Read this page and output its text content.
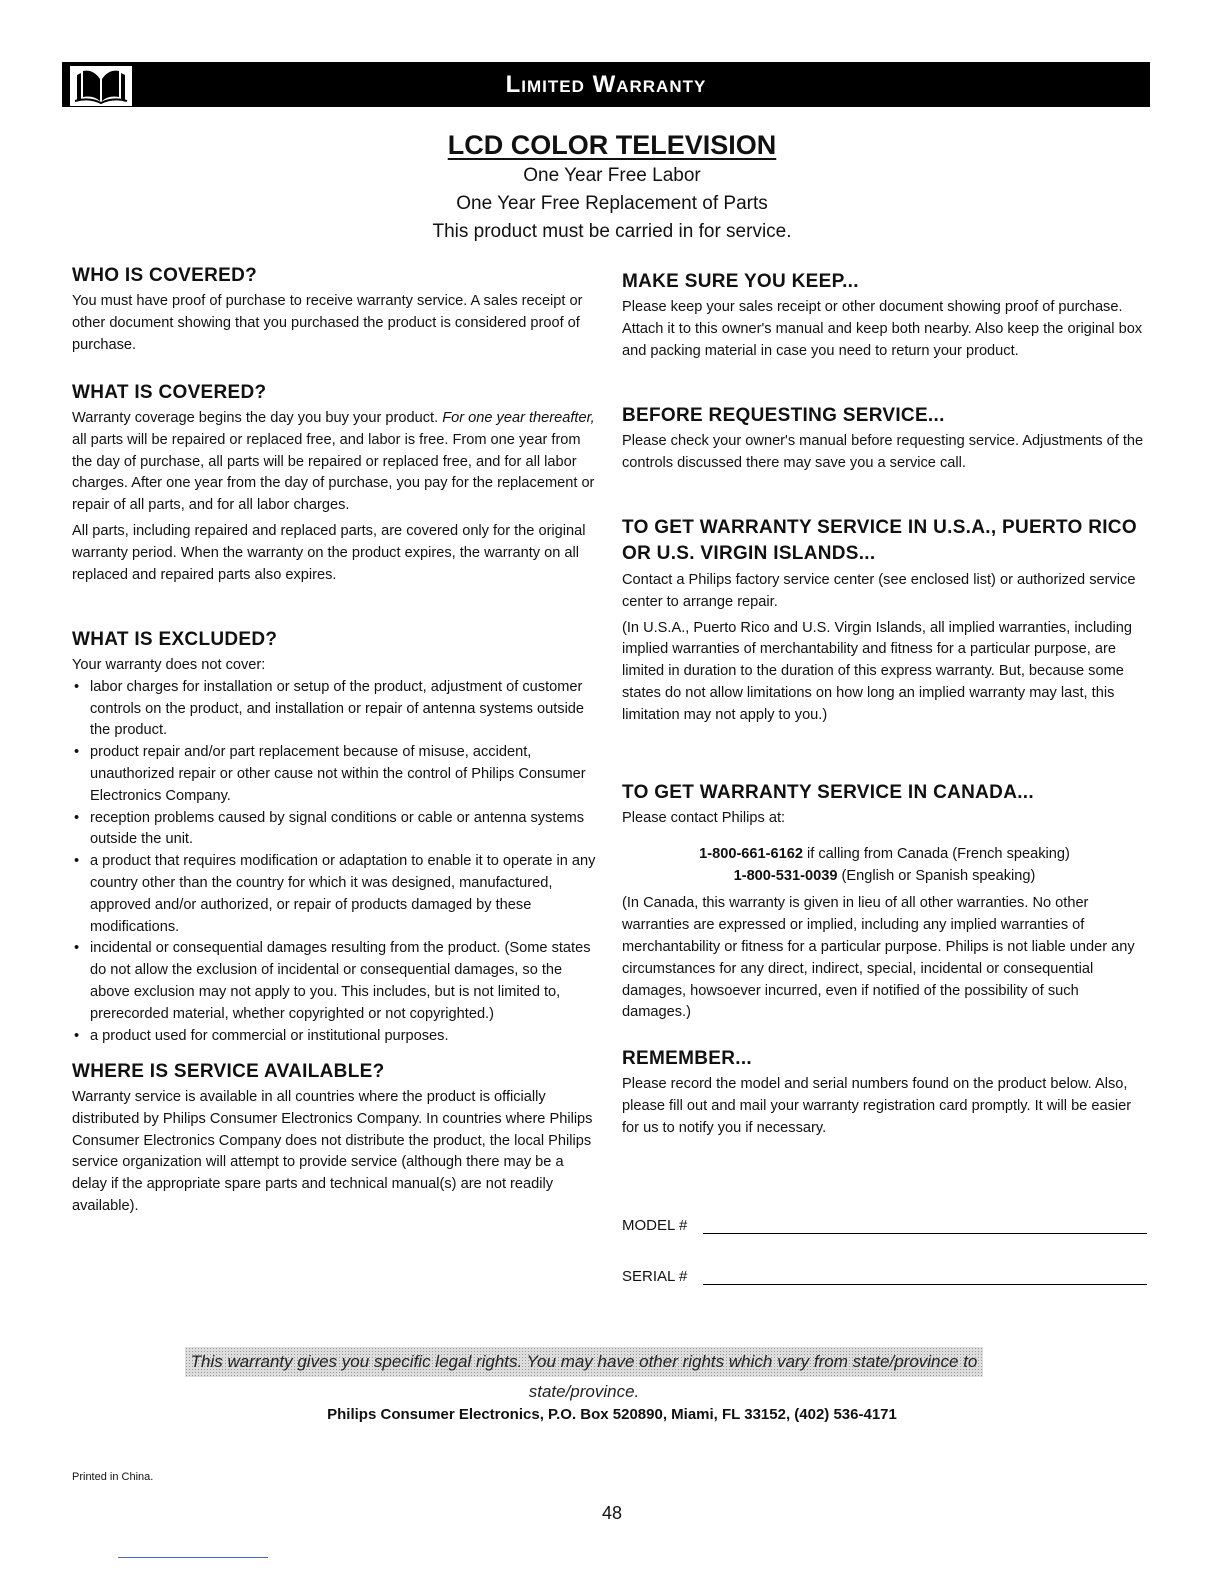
Limited Warranty
LCD COLOR TELEVISION
One Year Free Labor
One Year Free Replacement of Parts
This product must be carried in for service.
WHO IS COVERED?

You must have proof of purchase to receive warranty service. A sales receipt or other document showing that you purchased the product is considered proof of purchase.

WHAT IS COVERED?

Warranty coverage begins the day you buy your product. For one year thereafter, all parts will be repaired or replaced free, and labor is free. From one year from the day of purchase, all parts will be repaired or replaced free, and for all labor charges. After one year from the day of purchase, you pay for the replacement or repair of all parts, and for all labor charges.

All parts, including repaired and replaced parts, are covered only for the original warranty period. When the warranty on the product expires, the warranty on all replaced and repaired parts also expires.

WHAT IS EXCLUDED?

Your warranty does not cover:

• labor charges for installation or setup of the product, adjustment of customer controls on the product, and installation or repair of antenna systems outside the product.
• product repair and/or part replacement because of misuse, accident, unauthorized repair or other cause not within the control of Philips Consumer Electronics Company.
• reception problems caused by signal conditions or cable or antenna systems outside the unit.
• a product that requires modification or adaptation to enable it to operate in any country other than the country for which it was designed, manufactured, approved and/or authorized, or repair of products damaged by these modifications.
• incidental or consequential damages resulting from the product. (Some states do not allow the exclusion of incidental or consequential damages, so the above exclusion may not apply to you. This includes, but is not limited to, prerecorded material, whether copyrighted or not copyrighted.)
• a product used for commercial or institutional purposes.
WHERE IS SERVICE AVAILABLE?

Warranty service is available in all countries where the product is officially distributed by Philips Consumer Electronics Company. In countries where Philips Consumer Electronics Company does not distribute the product, the local Philips service organization will attempt to provide service (although there may be a delay if the appropriate spare parts and technical manual(s) are not readily available).

MAKE SURE YOU KEEP...

Please keep your sales receipt or other document showing proof of purchase. Attach it to this owner's manual and keep both nearby. Also keep the original box and packing material in case you need to return your product.

BEFORE REQUESTING SERVICE...

Please check your owner's manual before requesting service. Adjustments of the controls discussed there may save you a service call.

TO GET WARRANTY SERVICE IN U.S.A., PUERTO RICO OR U.S. VIRGIN ISLANDS...

Contact a Philips factory service center (see enclosed list) or authorized service center to arrange repair.

(In U.S.A., Puerto Rico and U.S. Virgin Islands, all implied warranties, including implied warranties of merchantability and fitness for a particular purpose, are limited in duration to the duration of this express warranty. But, because some states do not allow limitations on how long an implied warranty may last, this limitation may not apply to you.)

TO GET WARRANTY SERVICE IN CANADA...

Please contact Philips at:

1-800-661-6162 if calling from Canada (French speaking)
1-800-531-0039 (English or Spanish speaking)

(In Canada, this warranty is given in lieu of all other warranties. No other warranties are expressed or implied, including any implied warranties of merchantability or fitness for a particular purpose. Philips is not liable under any circumstances for any direct, indirect, special, incidental or consequential damages, howsoever incurred, even if notified of the possibility of such damages.)

REMEMBER...

Please record the model and serial numbers found on the product below. Also, please fill out and mail your warranty registration card promptly. It will be easier for us to notify you if necessary.

MODEL #
SERIAL #
This warranty gives you specific legal rights. You may have other rights which vary from state/province to state/province.
Philips Consumer Electronics, P.O. Box 520890, Miami, FL 33152, (402) 536-4171
Printed in China.
48
